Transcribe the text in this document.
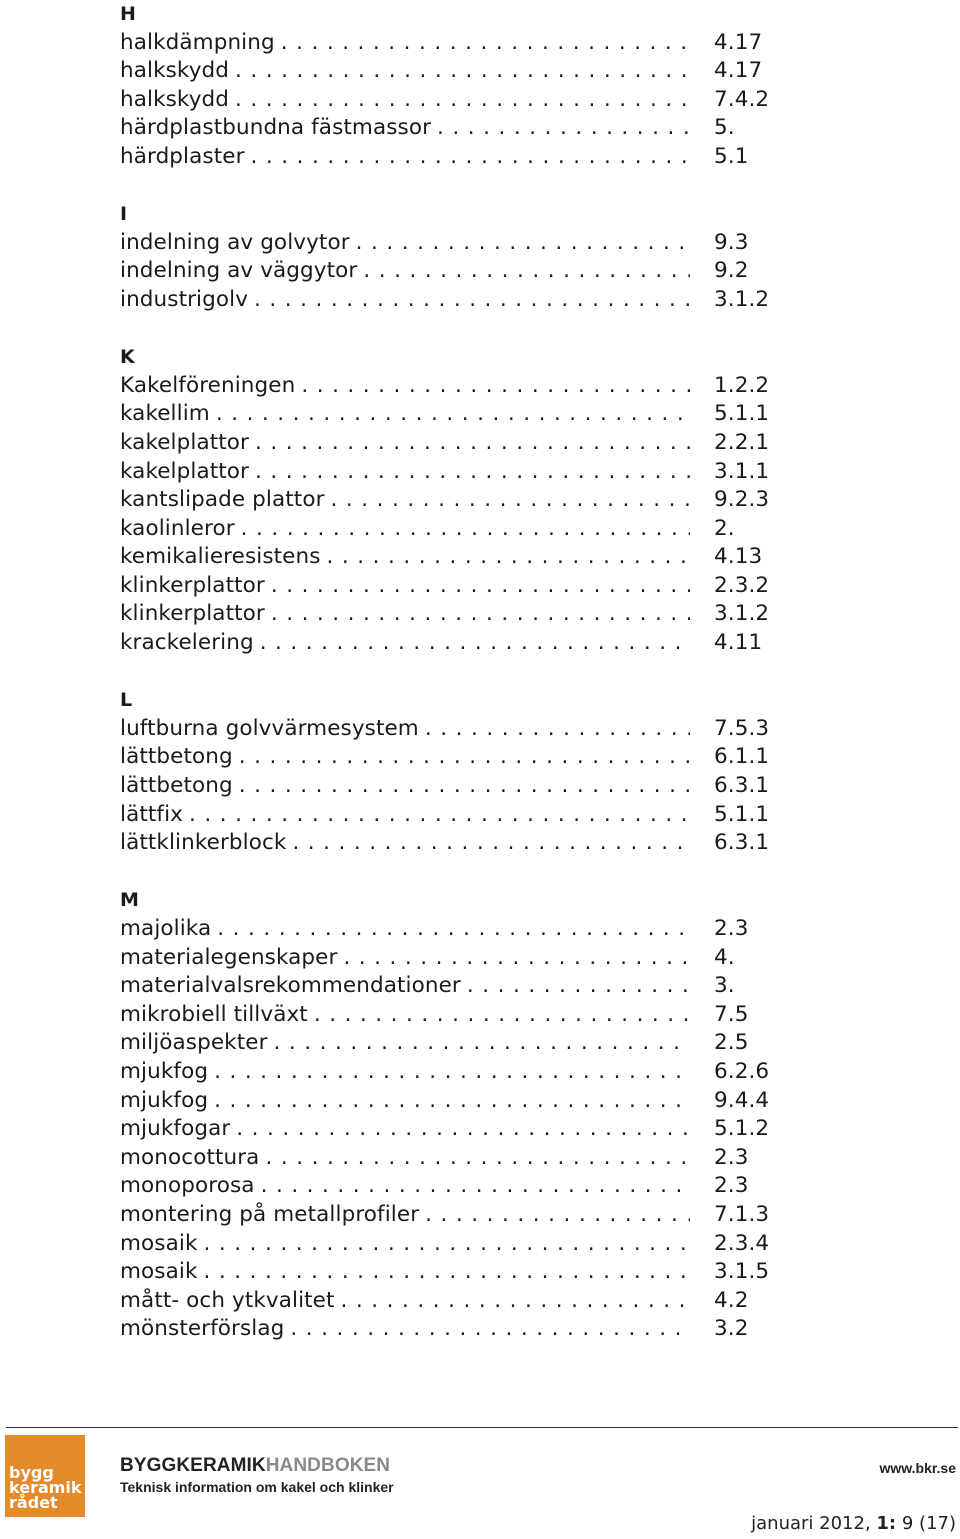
H
halkdämpning . . .	4.17
halkskydd . . .	4.17
halkskydd . . .	7.4.2
härdplastbundna fästmassor . . .	5.
härdplaster . . .	5.1
I
indelning av golvytor . . .	9.3
indelning av väggytor . . .	9.2
industrigolv . . .	3.1.2
K
Kakelföreningen . . .	1.2.2
kakellim . . .	5.1.1
kakelplattor . . .	2.2.1
kakelplattor . . .	3.1.1
kantslipade plattor . . .	9.2.3
kaolinleror . . .	2.
kemikalieresistens . . .	4.13
klinkerplattor . . .	2.3.2
klinkerplattor . . .	3.1.2
krackelering . . .	4.11
L
luftburna golvvärmesystem . . .	7.5.3
lättbetong . . .	6.1.1
lättbetong . . .	6.3.1
lättfix . . .	5.1.1
lättklinkerblock . . .	6.3.1
M
majolika . . .	2.3
materialegenskaper . . .	4.
materialvalsrekommendationer . . .	3.
mikrobiell tillväxt . . .	7.5
miljöaspekter . . .	2.5
mjukfog . . .	6.2.6
mjukfog . . .	9.4.4
mjukfogar . . .	5.1.2
monocottura . . .	2.3
monoporosa . . .	2.3
montering på metallprofiler . . .	7.1.3
mosaik . . .	2.3.4
mosaik . . .	3.1.5
mått- och ytkvalitet . . .	4.2
mönsterförslag . . .	3.2
bygg
keramik
rådet
BYGGKERAMIKHANDBOKEN
Teknisk information om kakel och klinker
www.bkr.se
januari 2012, 1: 9 (17)
